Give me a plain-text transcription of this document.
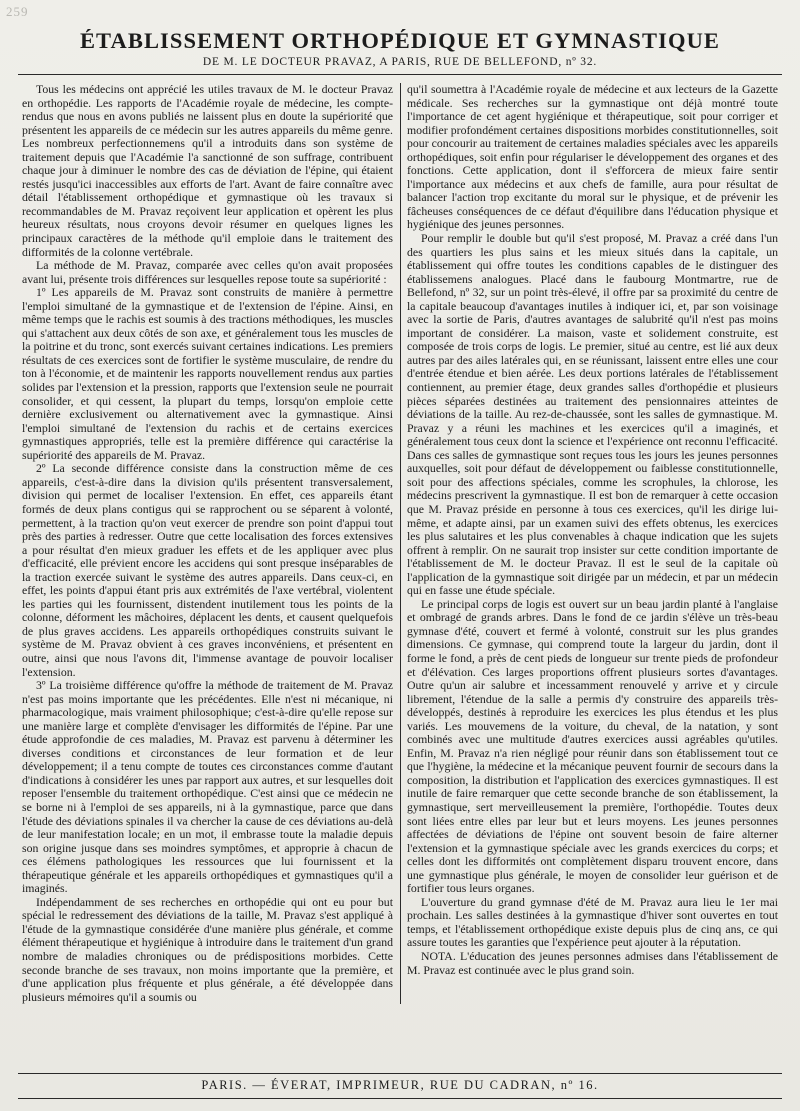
259
ÉTABLISSEMENT ORTHOPÉDIQUE ET GYMNASTIQUE
DE M. LE DOCTEUR PRAVAZ, A PARIS, RUE DE BELLEFOND, nº 32.

Tous les médecins ont apprécié les utiles travaux de M. le docteur Pravaz en orthopédie. Les rapports de l'Académie royale de médecine, les compte-rendus que nous en avons publiés ne laissent plus en doute la supériorité que présentent les appareils de ce médecin sur les autres appareils du même genre. Les nombreux perfectionnemens qu'il a introduits dans son système de traitement depuis que l'Académie l'a sanctionné de son suffrage, contribuent chaque jour à diminuer le nombre des cas de déviation de l'épine, qui étaient restés jusqu'ici inaccessibles aux efforts de l'art. Avant de faire connaître avec détail l'établissement orthopédique et gymnastique où les travaux si recommandables de M. Pravaz reçoivent leur application et opèrent les plus heureux résultats, nous croyons devoir résumer en quelques lignes les principaux caractères de la méthode qu'il emploie dans le traitement des difformités de la colonne vertébrale.

La méthode de M. Pravaz, comparée avec celles qu'on avait proposées avant lui, présente trois différences sur lesquelles repose toute sa supériorité :

1º Les appareils de M. Pravaz sont construits de manière à permettre l'emploi simultané de la gymnastique et de l'extension de l'épine. Ainsi, en même temps que le rachis est soumis à des tractions méthodiques, les muscles qui s'attachent aux deux côtés de son axe, et généralement tous les muscles de la poitrine et du tronc, sont exercés suivant certaines indications. Les premiers résultats de ces exercices sont de fortifier le système musculaire, de rendre du ton à l'économie, et de maintenir les rapports nouvellement rendus aux parties solides par l'extension et la pression, rapports que l'extension seule ne pourrait consolider, et qui cessent, la plupart du temps, lorsqu'on emploie cette dernière exclusivement ou alternativement avec la gymnastique. Ainsi l'emploi simultané de l'extension du rachis et de certains exercices gymnastiques appropriés, telle est la première différence qui caractérise la supériorité des appareils de M. Pravaz.

2º La seconde différence consiste dans la construction même de ces appareils, c'est-à-dire dans la division qu'ils présentent transversalement, division qui permet de localiser l'extension. En effet, ces appareils étant formés de deux plans contigus qui se rapprochent ou se séparent à volonté, permettent, à la traction qu'on veut exercer de prendre son point d'appui tout près des parties à redresser. Outre que cette localisation des forces extensives a pour résultat d'en mieux graduer les effets et de les appliquer avec plus d'efficacité, elle prévient encore les accidens qui sont presque inséparables de la traction exercée suivant le système des autres appareils. Dans ceux-ci, en effet, les points d'appui étant pris aux extrémités de l'axe vertébral, violentent les parties qui les fournissent, distendent inutilement tous les points de la colonne, déforment les mâchoires, déplacent les dents, et causent quelquefois de plus graves accidens. Les appareils orthopédiques construits suivant le système de M. Pravaz obvient à ces graves inconvéniens, et présentent en outre, ainsi que nous l'avons dit, l'immense avantage de pouvoir localiser l'extension.

3º La troisième différence qu'offre la méthode de traitement de M. Pravaz n'est pas moins importante que les précédentes. Elle n'est ni mécanique, ni pharmacologique, mais vraiment philosophique; c'est-à-dire qu'elle repose sur une manière large et complète d'envisager les difformités de l'épine. Par une étude approfondie de ces maladies, M. Pravaz est parvenu à déterminer les diverses conditions et circonstances de leur formation et de leur développement; il a tenu compte de toutes ces circonstances comme d'autant d'indications à considérer les unes par rapport aux autres, et sur lesquelles doit reposer l'ensemble du traitement orthopédique. C'est ainsi que ce médecin ne se borne ni à l'emploi de ses appareils, ni à la gymnastique, parce que dans l'étude des déviations spinales il va chercher la cause de ces déviations au-delà de leur manifestation locale; en un mot, il embrasse toute la maladie depuis son origine jusque dans ses moindres symptômes, et approprie à chacun de ces élémens pathologiques les ressources que lui fournissent et la thérapeutique générale et les appareils orthopédiques et gymnastiques qu'il a imaginés.

Indépendamment de ses recherches en orthopédie qui ont eu pour but spécial le redressement des déviations de la taille, M. Pravaz s'est appliqué à l'étude de la gymnastique considérée d'une manière plus générale, et comme élément thérapeutique et hygiénique à introduire dans le traitement d'un grand nombre de maladies chroniques ou de prédispositions morbides. Cette seconde branche de ses travaux, non moins importante que la première, et d'une application plus fréquente et plus générale, a été développée dans plusieurs mémoires qu'il a soumis ou

qu'il soumettra à l'Académie royale de médecine et aux lecteurs de la Gazette médicale. Ses recherches sur la gymnastique ont déjà montré toute l'importance de cet agent hygiénique et thérapeutique, soit pour corriger et modifier profondément certaines dispositions morbides constitutionnelles, soit pour concourir au traitement de certaines maladies spéciales avec les appareils orthopédiques, soit enfin pour régulariser le développement des organes et des fonctions. Cette application, dont il s'efforcera de mieux faire sentir l'importance aux médecins et aux chefs de famille, aura pour résultat de balancer l'action trop excitante du moral sur le physique, et de prévenir les fâcheuses conséquences de ce défaut d'équilibre dans l'éducation physique et hygiénique des jeunes personnes.

Pour remplir le double but qu'il s'est proposé, M. Pravaz a créé dans l'un des quartiers les plus sains et les mieux situés dans la capitale, un établissement qui offre toutes les conditions capables de le distinguer des établissemens analogues. Placé dans le faubourg Montmartre, rue de Bellefond, nº 32, sur un point très-élevé, il offre par sa proximité du centre de la capitale beaucoup d'avantages inutiles à indiquer ici, et, par son voisinage avec la sortie de Paris, d'autres avantages de salubrité qu'il n'est pas moins important de considérer. La maison, vaste et solidement construite, est composée de trois corps de logis. Le premier, situé au centre, est lié aux deux autres par des ailes latérales qui, en se réunissant, laissent entre elles une cour d'entrée étendue et bien aérée. Les deux portions latérales de l'établissement contiennent, au premier étage, deux grandes salles d'orthopédie et plusieurs pièces séparées destinées au traitement des pensionnaires atteintes de déviations de la taille. Au rez-de-chaussée, sont les salles de gymnastique. M. Pravaz y a réuni les machines et les exercices qu'il a imaginés, et généralement tous ceux dont la science et l'expérience ont reconnu l'efficacité. Dans ces salles de gymnastique sont reçues tous les jours les jeunes personnes auxquelles, soit pour défaut de développement ou faiblesse constitutionnelle, soit pour des affections spéciales, comme les scrophules, la chlorose, les médecins prescrivent la gymnastique. Il est bon de remarquer à cette occasion que M. Pravaz préside en personne à tous ces exercices, qu'il les dirige lui-même, et adapte ainsi, par un examen suivi des effets obtenus, les exercices les plus salutaires et les plus convenables à chaque indication que les sujets offrent à remplir. On ne saurait trop insister sur cette condition importante de l'établissement de M. le docteur Pravaz. Il est le seul de la capitale où l'application de la gymnastique soit dirigée par un médecin, et par un médecin qui en fasse une étude spéciale.

Le principal corps de logis est ouvert sur un beau jardin planté à l'anglaise et ombragé de grands arbres. Dans le fond de ce jardin s'élève un très-beau gymnase d'été, couvert et fermé à volonté, construit sur les plus grandes dimensions. Ce gymnase, qui comprend toute la largeur du jardin, dont il forme le fond, a près de cent pieds de longueur sur trente pieds de profondeur et d'élévation. Ces larges proportions offrent plusieurs sortes d'avantages. Outre qu'un air salubre et incessamment renouvelé y arrive et y circule librement, l'étendue de la salle a permis d'y construire des appareils très-développés, destinés à reproduire les exercices les plus étendus et les plus variés. Les mouvemens de la voiture, du cheval, de la natation, y sont combinés avec une multitude d'autres exercices aussi agréables qu'utiles. Enfin, M. Pravaz n'a rien négligé pour réunir dans son établissement tout ce que l'hygiène, la médecine et la mécanique peuvent fournir de secours dans la composition, la distribution et l'application des exercices gymnastiques. Il est inutile de faire remarquer que cette seconde branche de son établissement, la gymnastique, sert merveilleusement la première, l'orthopédie. Toutes deux sont liées entre elles par leur but et leurs moyens. Les jeunes personnes affectées de déviations de l'épine ont souvent besoin de faire alterner l'extension et la gymnastique spéciale avec les grands exercices du corps; et celles dont les difformités ont complètement disparu trouvent encore, dans une gymnastique plus générale, le moyen de consolider leur guérison et de fortifier tous leurs organes.

L'ouverture du grand gymnase d'été de M. Pravaz aura lieu le 1er mai prochain. Les salles destinées à la gymnastique d'hiver sont ouvertes en tout temps, et l'établissement orthopédique existe depuis plus de cinq ans, ce qui assure toutes les garanties que l'expérience peut ajouter à la réputation.

NOTA. L'éducation des jeunes personnes admises dans l'établissement de M. Pravaz est continuée avec le plus grand soin.

PARIS. — ÉVERAT, IMPRIMEUR, RUE DU CADRAN, nº 16.
